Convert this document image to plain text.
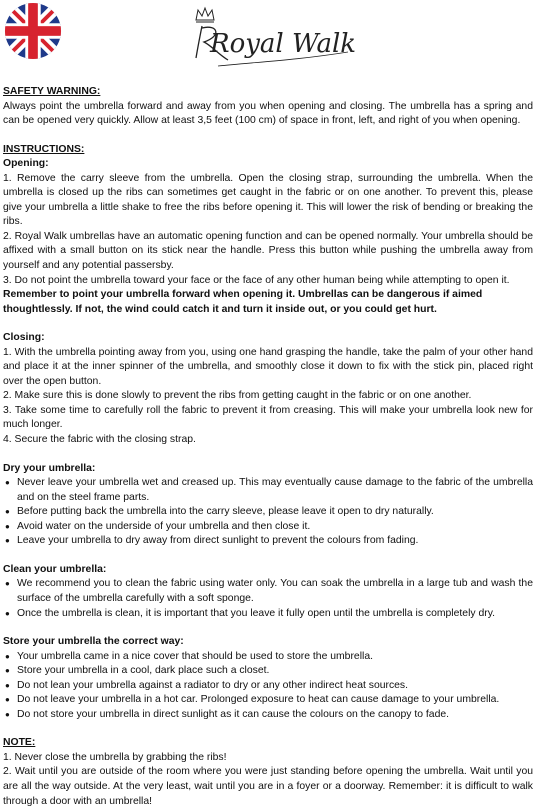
Royal Walk

SAFETY WARNING:

Always point the umbrella forward and away from you when opening and closing. The umbrella has a spring and can be opened very quickly. Allow at least 3,5 feet (100 cm) of space in front, left, and right of you when opening.

INSTRUCTIONS:

Opening:

1. Remove the carry sleeve from the umbrella. Open the closing strap, surrounding the umbrella. When the umbrella is closed up the ribs can sometimes get caught in the fabric or on one another. To prevent this, please give your umbrella a little shake to free the ribs before opening it. This will lower the risk of bending or breaking the ribs.

2. Royal Walk umbrellas have an automatic opening function and can be opened normally. Your umbrella should be affixed with a small button on its stick near the handle. Press this button while pushing the umbrella away from yourself and any potential passersby.

3. Do not point the umbrella toward your face or the face of any other human being while attempting to open it.

Remember to point your umbrella forward when opening it. Umbrellas can be dangerous if aimed thoughtlessly. If not, the wind could catch it and turn it inside out, or you could get hurt.

Closing:

1. With the umbrella pointing away from you, using one hand grasping the handle, take the palm of your other hand and place it at the inner spinner of the umbrella, and smoothly close it down to fix with the stick pin, placed right over the open button.

2. Make sure this is done slowly to prevent the ribs from getting caught in the fabric or on one another.

3. Take some time to carefully roll the fabric to prevent it from creasing. This will make your umbrella look new for much longer.

4. Secure the fabric with the closing strap.

Dry your umbrella:

● Never leave your umbrella wet and creased up. This may eventually cause damage to the fabric of the umbrella and on the steel frame parts.

● Before putting back the umbrella into the carry sleeve, please leave it open to dry naturally.

● Avoid water on the underside of your umbrella and then close it.

● Leave your umbrella to dry away from direct sunlight to prevent the colours from fading.

Clean your umbrella:

● We recommend you to clean the fabric using water only. You can soak the umbrella in a large tub and wash the surface of the umbrella carefully with a soft sponge.

● Once the umbrella is clean, it is important that you leave it fully open until the umbrella is completely dry.

Store your umbrella the correct way:

● Your umbrella came in a nice cover that should be used to store the umbrella.

● Store your umbrella in a cool, dark place such a closet.

● Do not lean your umbrella against a radiator to dry or any other indirect heat sources.

● Do not leave your umbrella in a hot car. Prolonged exposure to heat can cause damage to your umbrella.

● Do not store your umbrella in direct sunlight as it can cause the colours on the canopy to fade.

NOTE:

1. Never close the umbrella by grabbing the ribs!

2. Wait until you are outside of the room where you were just standing before opening the umbrella. Wait until you are all the way outside. At the very least, wait until you are in a foyer or a doorway. Remember: it is difficult to walk through a door with an umbrella!
